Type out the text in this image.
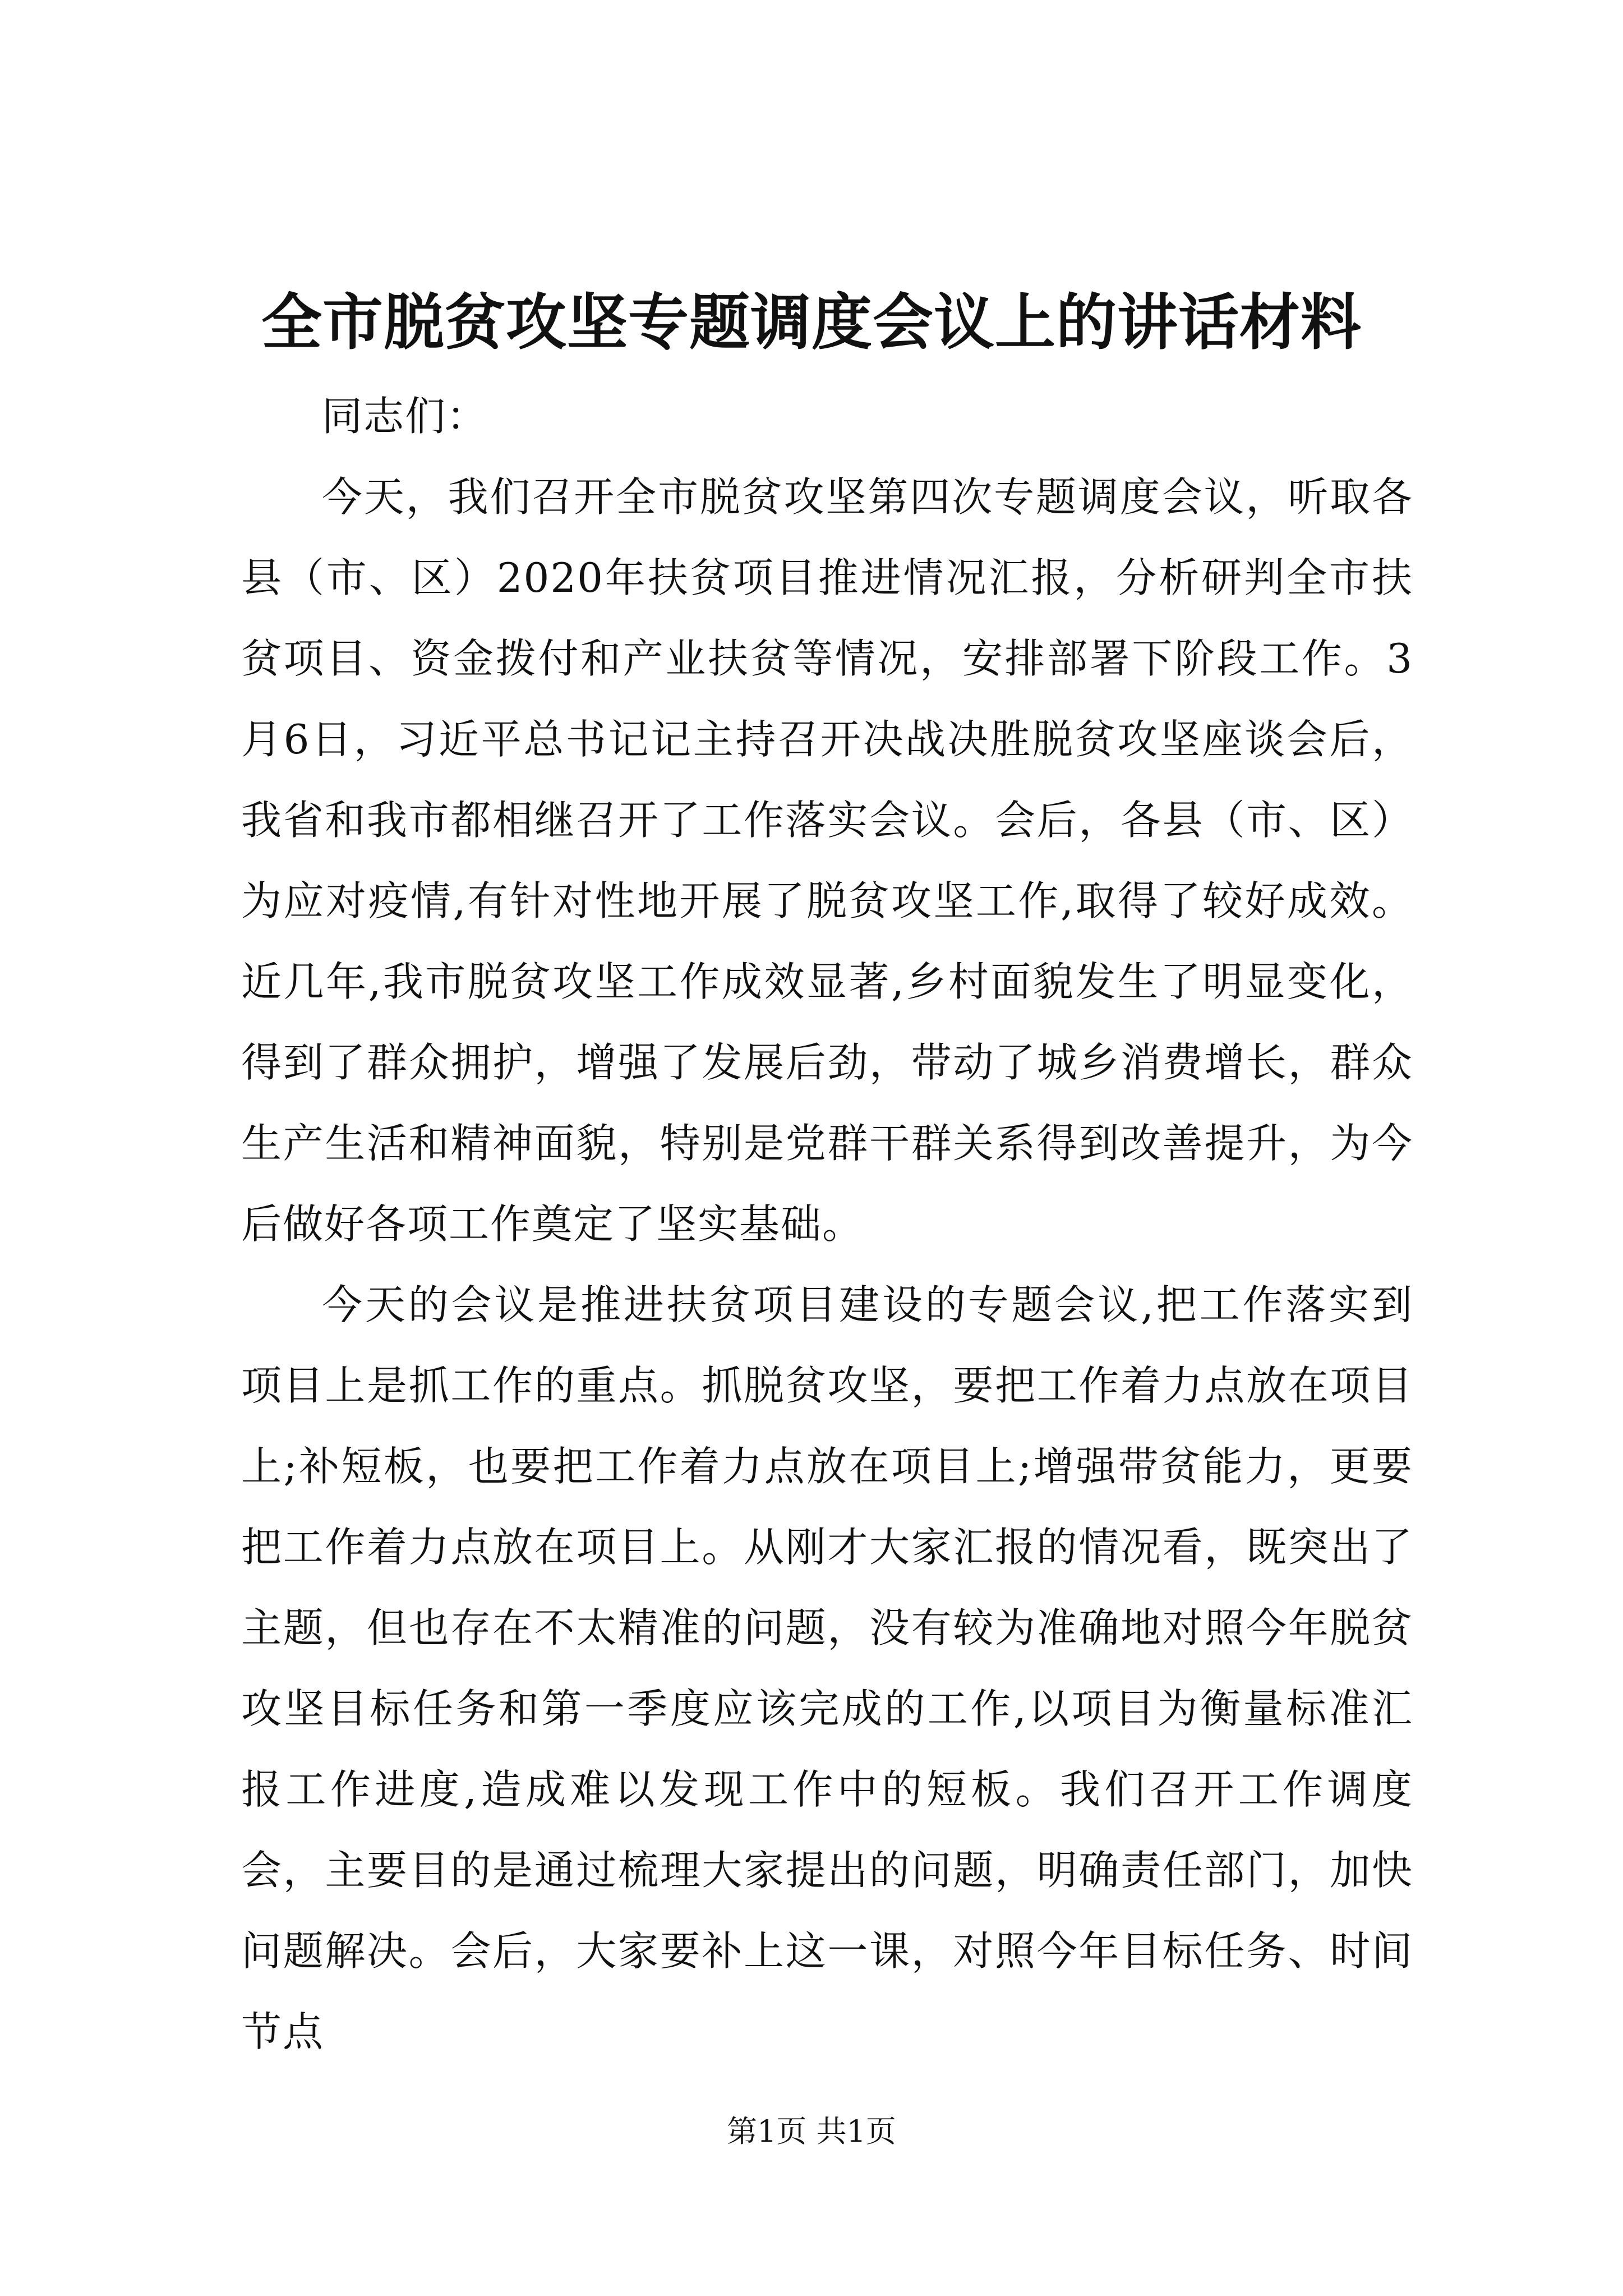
全市脱贫攻坚专题调度会议上的讲话材料

同志们：

今天，我们召开全市脱贫攻坚第四次专题调度会议，听取各县（市、区）2020年扶贫项目推进情况汇报，分析研判全市扶贫项目、资金拨付和产业扶贫等情况，安排部署下阶段工作。3月6日，习近平总书记记主持召开决战决胜脱贫攻坚座谈会后，我省和我市都相继召开了工作落实会议。会后，各县（市、区）为应对疫情,有针对性地开展了脱贫攻坚工作,取得了较好成效。近几年,我市脱贫攻坚工作成效显著,乡村面貌发生了明显变化，得到了群众拥护，增强了发展后劲，带动了城乡消费增长，群众生产生活和精神面貌，特别是党群干群关系得到改善提升，为今后做好各项工作奠定了坚实基础。

今天的会议是推进扶贫项目建设的专题会议,把工作落实到项目上是抓工作的重点。抓脱贫攻坚，要把工作着力点放在项目上;补短板，也要把工作着力点放在项目上;增强带贫能力，更要把工作着力点放在项目上。从刚才大家汇报的情况看，既突出了主题，但也存在不太精准的问题，没有较为准确地对照今年脱贫攻坚目标任务和第一季度应该完成的工作,以项目为衡量标准汇报工作进度,造成难以发现工作中的短板。我们召开工作调度会，主要目的是通过梳理大家提出的问题，明确责任部门，加快问题解决。会后，大家要补上这一课，对照今年目标任务、时间节点

第1页 共1页
